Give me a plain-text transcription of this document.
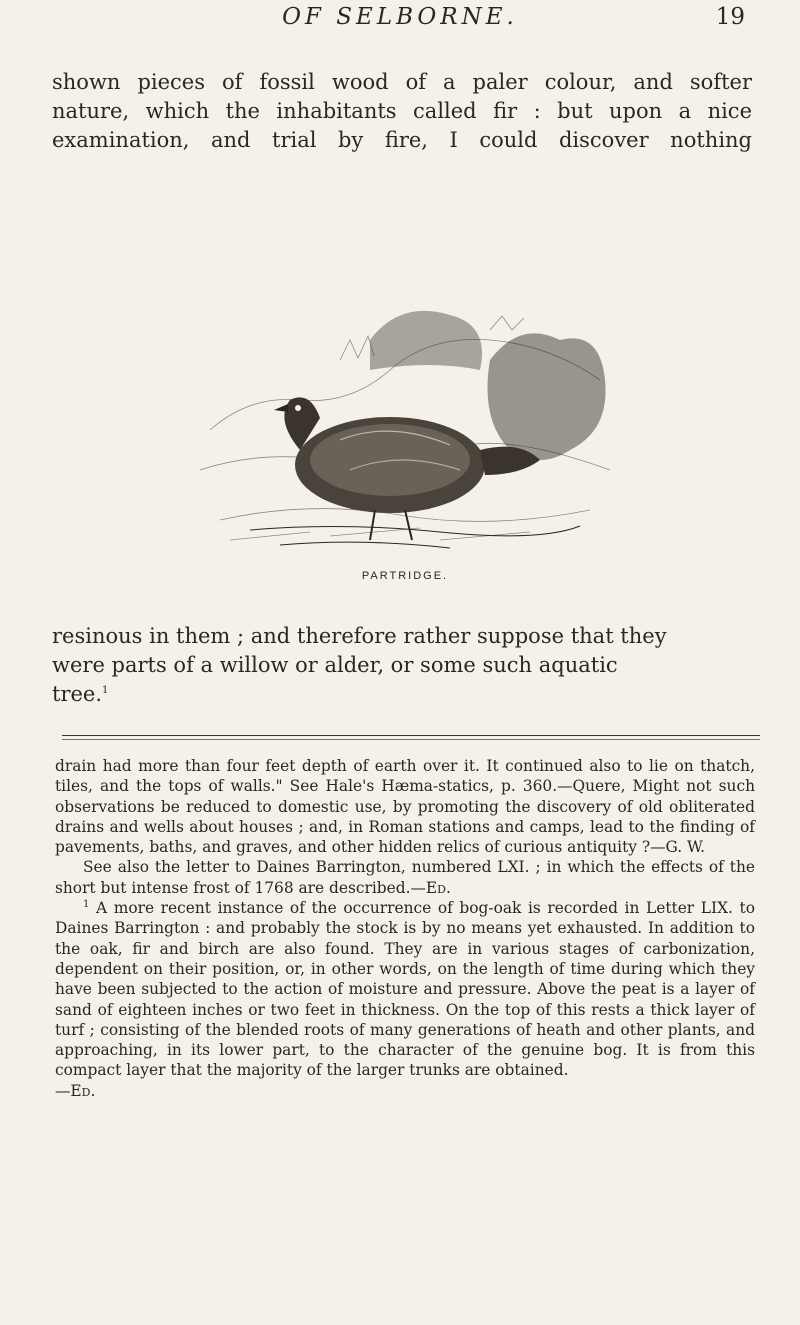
OF SELBORNE.	19
shown pieces of fossil wood of a paler colour, and softer
nature, which the inhabitants called fir : but upon a nice
examination, and trial by fire, I could discover nothing
PARTRIDGE.
resinous in them ; and therefore rather suppose that they
were parts of a willow or alder, or some such aquatic
tree.$^1$

drain had more than four feet depth of earth over it. It continued also to lie on thatch, tiles, and the tops of walls." See Hale's Hæma-statics, p. 360.—Quere, Might not such observations be reduced to domestic use, by promoting the discovery of old obliterated drains and wells about houses ; and, in Roman stations and camps, lead to the finding of pavements, baths, and graves, and other hidden relics of curious antiquity ?—G. W.

See also the letter to Daines Barrington, numbered LXI. ; in which the effects of the short but intense frost of 1768 are described.—Ed.

$^1$ A more recent instance of the occurrence of bog-oak is recorded in Letter LIX. to Daines Barrington : and probably the stock is by no means yet exhausted. In addition to the oak, fir and birch are also found. They are in various stages of carbonization, dependent on their position, or, in other words, on the length of time during which they have been subjected to the action of moisture and pressure. Above the peat is a layer of sand of eighteen inches or two feet in thickness. On the top of this rests a thick layer of turf ; consisting of the blended roots of many generations of heath and other plants, and approaching, in its lower part, to the character of the genuine bog. It is from this compact layer that the majority of the larger trunks are obtained.

—Ed.
